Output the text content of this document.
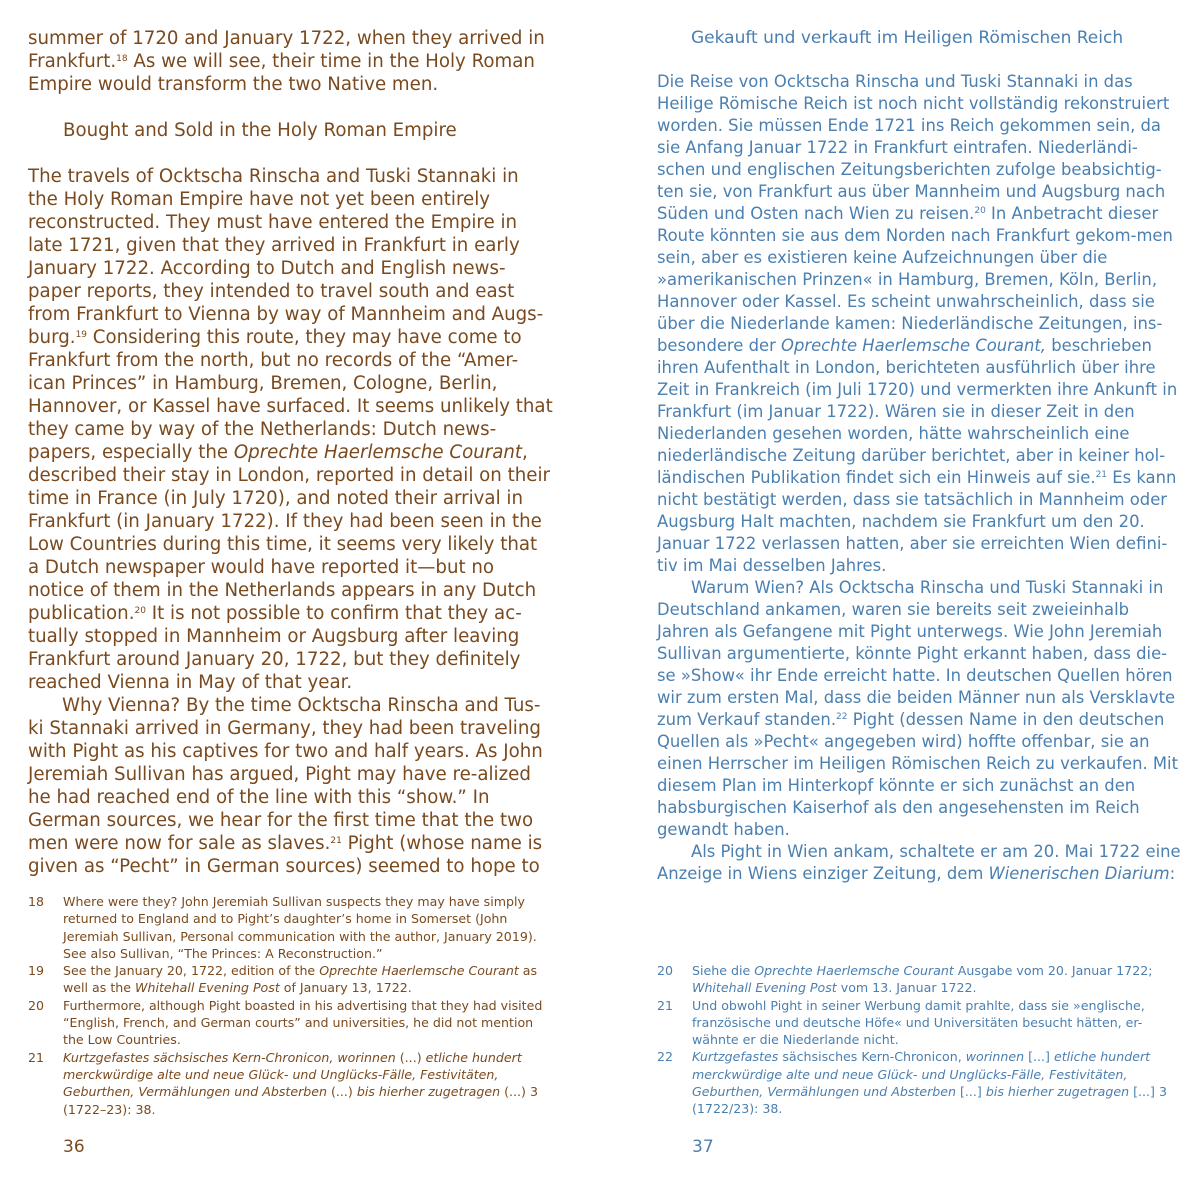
summer of 1720 and January 1722, when they arrived in Frankfurt.$^{18}$ As we will see, their time in the Holy Roman Empire would transform the two Native men.
Bought and Sold in the Holy Roman Empire

The travels of Ocktscha Rinscha and Tuski Stannaki in the Holy Roman Empire have not yet been entirely reconstructed. They must have entered the Empire in late 1721, given that they arrived in Frankfurt in early January 1722. According to Dutch and English news-paper reports, they intended to travel south and east from Frankfurt to Vienna by way of Mannheim and Augs-burg.$^{19}$ Considering this route, they may have come to Frankfurt from the north, but no records of the “Amer-ican Princes” in Hamburg, Bremen, Cologne, Berlin, Hannover, or Kassel have surfaced. It seems unlikely that they came by way of the Netherlands: Dutch news-papers, especially the Oprechte Haerlemsche Courant, described their stay in London, reported in detail on their time in France (in July 1720), and noted their arrival in Frankfurt (in January 1722). If they had been seen in the Low Countries during this time, it seems very likely that a Dutch newspaper would have reported it—but no notice of them in the Netherlands appears in any Dutch publication.$^{20}$ It is not possible to confirm that they ac-tually stopped in Mannheim or Augsburg after leaving Frankfurt around January 20, 1722, but they definitely reached Vienna in May of that year.

Why Vienna? By the time Ocktscha Rinscha and Tus-ki Stannaki arrived in Germany, they had been traveling with Pight as his captives for two and half years. As John Jeremiah Sullivan has argued, Pight may have re-alized he had reached end of the line with this “show.” In German sources, we hear for the first time that the two men were now for sale as slaves.$^{21}$ Pight (whose name is given as “Pecht” in German sources) seemed to hope to

18	Where were they? John Jeremiah Sullivan suspects they may have simply returned to England and to Pight’s daughter’s home in Somerset (John Jeremiah Sullivan, Personal communication with the author, January 2019). See also Sullivan, “The Princes: A Reconstruction.”
19	See the January 20, 1722, edition of the Oprechte Haerlemsche Courant as well as the Whitehall Evening Post of January 13, 1722.
20	Furthermore, although Pight boasted in his advertising that they had visited “English, French, and German courts” and universities, he did not mention the Low Countries.
21	Kurtzgefastes sächsisches Kern-Chronicon, worinnen (...) etliche hundert merckwürdige alte und neue Glück- und Unglücks-Fälle, Festivitäten, Geburthen, Vermählungen und Absterben (...) bis hierher zugetragen (...) 3 (1722–23): 38.
36
Gekauft und verkauft im Heiligen Römischen Reich

Die Reise von Ocktscha Rinscha und Tuski Stannaki in das Heilige Römische Reich ist noch nicht vollständig rekonstruiert worden. Sie müssen Ende 1721 ins Reich gekommen sein, da sie Anfang Januar 1722 in Frankfurt eintrafen. Niederländi-schen und englischen Zeitungsberichten zufolge beabsichtig-ten sie, von Frankfurt aus über Mannheim und Augsburg nach Süden und Osten nach Wien zu reisen.$^{20}$ In Anbetracht dieser Route könnten sie aus dem Norden nach Frankfurt gekom-men sein, aber es existieren keine Aufzeichnungen über die »amerikanischen Prinzen« in Hamburg, Bremen, Köln, Berlin, Hannover oder Kassel. Es scheint unwahrscheinlich, dass sie über die Niederlande kamen: Niederländische Zeitungen, ins-besondere der Oprechte Haerlemsche Courant, beschrieben ihren Aufenthalt in London, berichteten ausführlich über ihre Zeit in Frankreich (im Juli 1720) und vermerkten ihre Ankunft in Frankfurt (im Januar 1722). Wären sie in dieser Zeit in den Niederlanden gesehen worden, hätte wahrscheinlich eine niederländische Zeitung darüber berichtet, aber in keiner hol-ländischen Publikation findet sich ein Hinweis auf sie.$^{21}$ Es kann nicht bestätigt werden, dass sie tatsächlich in Mannheim oder Augsburg Halt machten, nachdem sie Frankfurt um den 20. Januar 1722 verlassen hatten, aber sie erreichten Wien defini-tiv im Mai desselben Jahres.

Warum Wien? Als Ocktscha Rinscha und Tuski Stannaki in Deutschland ankamen, waren sie bereits seit zweieinhalb Jahren als Gefangene mit Pight unterwegs. Wie John Jeremiah Sullivan argumentierte, könnte Pight erkannt haben, dass die-se »Show« ihr Ende erreicht hatte. In deutschen Quellen hören wir zum ersten Mal, dass die beiden Männer nun als Versklavte zum Verkauf standen.$^{22}$ Pight (dessen Name in den deutschen Quellen als »Pecht« angegeben wird) hoffte offenbar, sie an einen Herrscher im Heiligen Römischen Reich zu verkaufen. Mit diesem Plan im Hinterkopf könnte er sich zunächst an den habsburgischen Kaiserhof als den angesehensten im Reich gewandt haben.

Als Pight in Wien ankam, schaltete er am 20. Mai 1722 eine Anzeige in Wiens einziger Zeitung, dem Wienerischen Diarium:

20	Siehe die Oprechte Haerlemsche Courant Ausgabe vom 20. Januar 1722; Whitehall Evening Post vom 13. Januar 1722.
21	Und obwohl Pight in seiner Werbung damit prahlte, dass sie »englische, französische und deutsche Höfe« und Universitäten besucht hätten, er-wähnte er die Niederlande nicht.
22	Kurtzgefastes sächsisches Kern-Chronicon, worinnen [...] etliche hundert merckwürdige alte und neue Glück- und Unglücks-Fälle, Festivitäten, Geburthen, Vermählungen und Absterben [...] bis hierher zugetragen [...] 3 (1722/23): 38.
37
